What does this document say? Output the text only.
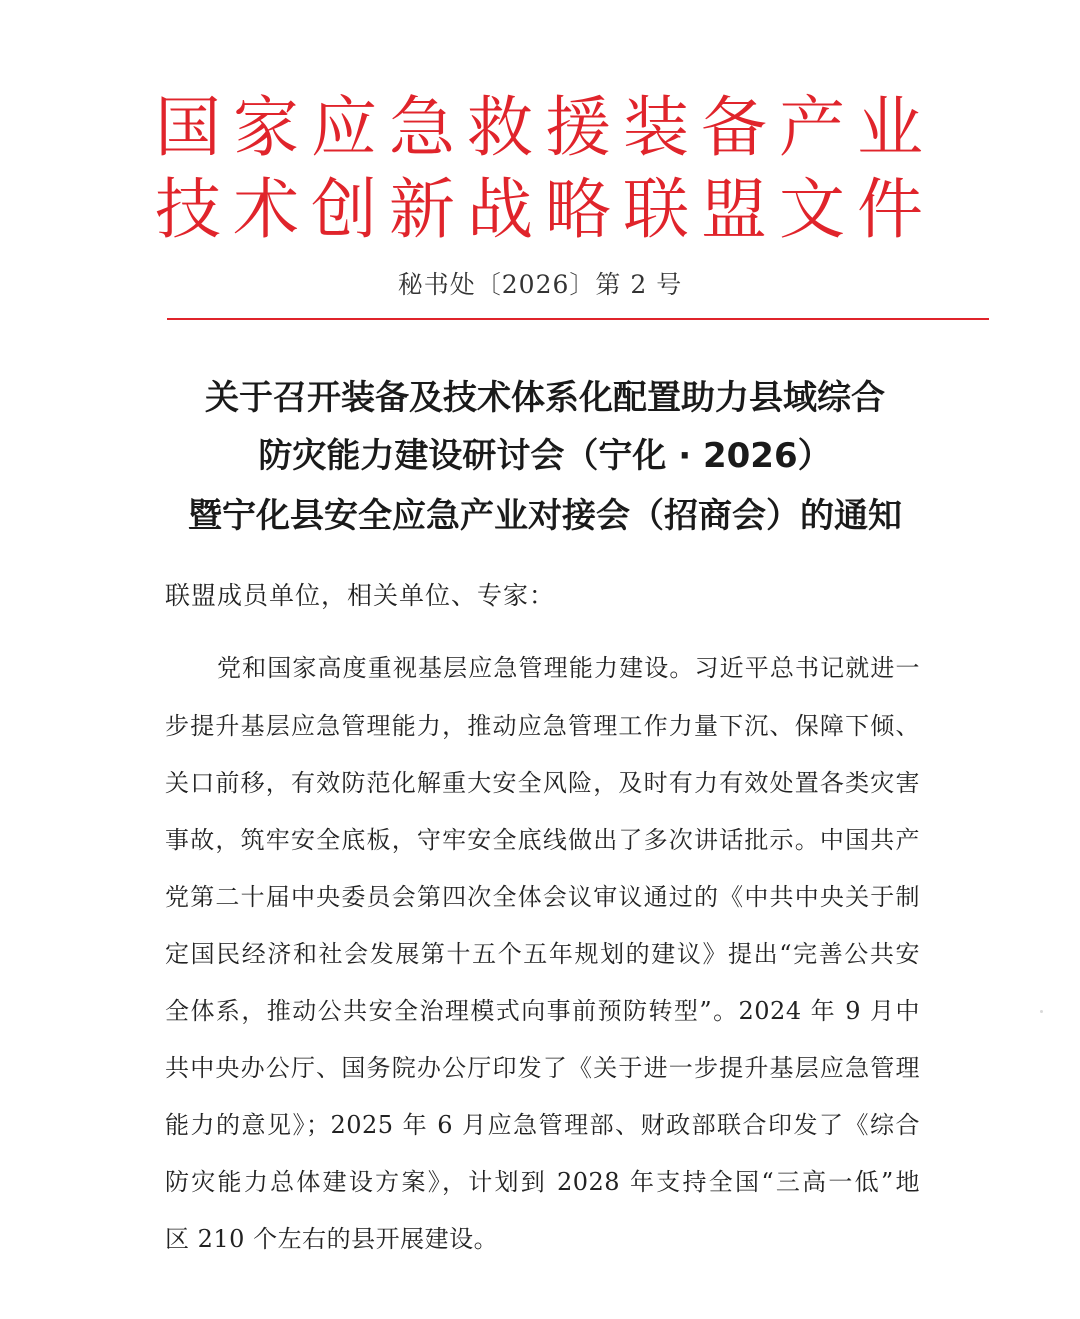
国家应急救援装备产业
技术创新战略联盟文件
秘书处〔2026〕第 2 号
关于召开装备及技术体系化配置助力县域综合
防灾能力建设研讨会（宁化 · 2026）
暨宁化县安全应急产业对接会（招商会）的通知
联盟成员单位，相关单位、专家：
党和国家高度重视基层应急管理能力建设。习近平总书记就进一
步提升基层应急管理能力，推动应急管理工作力量下沉、保障下倾、
关口前移，有效防范化解重大安全风险，及时有力有效处置各类灾害
事故，筑牢安全底板，守牢安全底线做出了多次讲话批示。中国共产
党第二十届中央委员会第四次全体会议审议通过的《中共中央关于制
定国民经济和社会发展第十五个五年规划的建议》提出“完善公共安
全体系，推动公共安全治理模式向事前预防转型”。2024 年 9 月中
共中央办公厅、国务院办公厅印发了《关于进一步提升基层应急管理
能力的意见》；2025 年 6 月应急管理部、财政部联合印发了《综合
防灾能力总体建设方案》，计划到 2028 年支持全国“三高一低”地
区 210 个左右的县开展建设。
